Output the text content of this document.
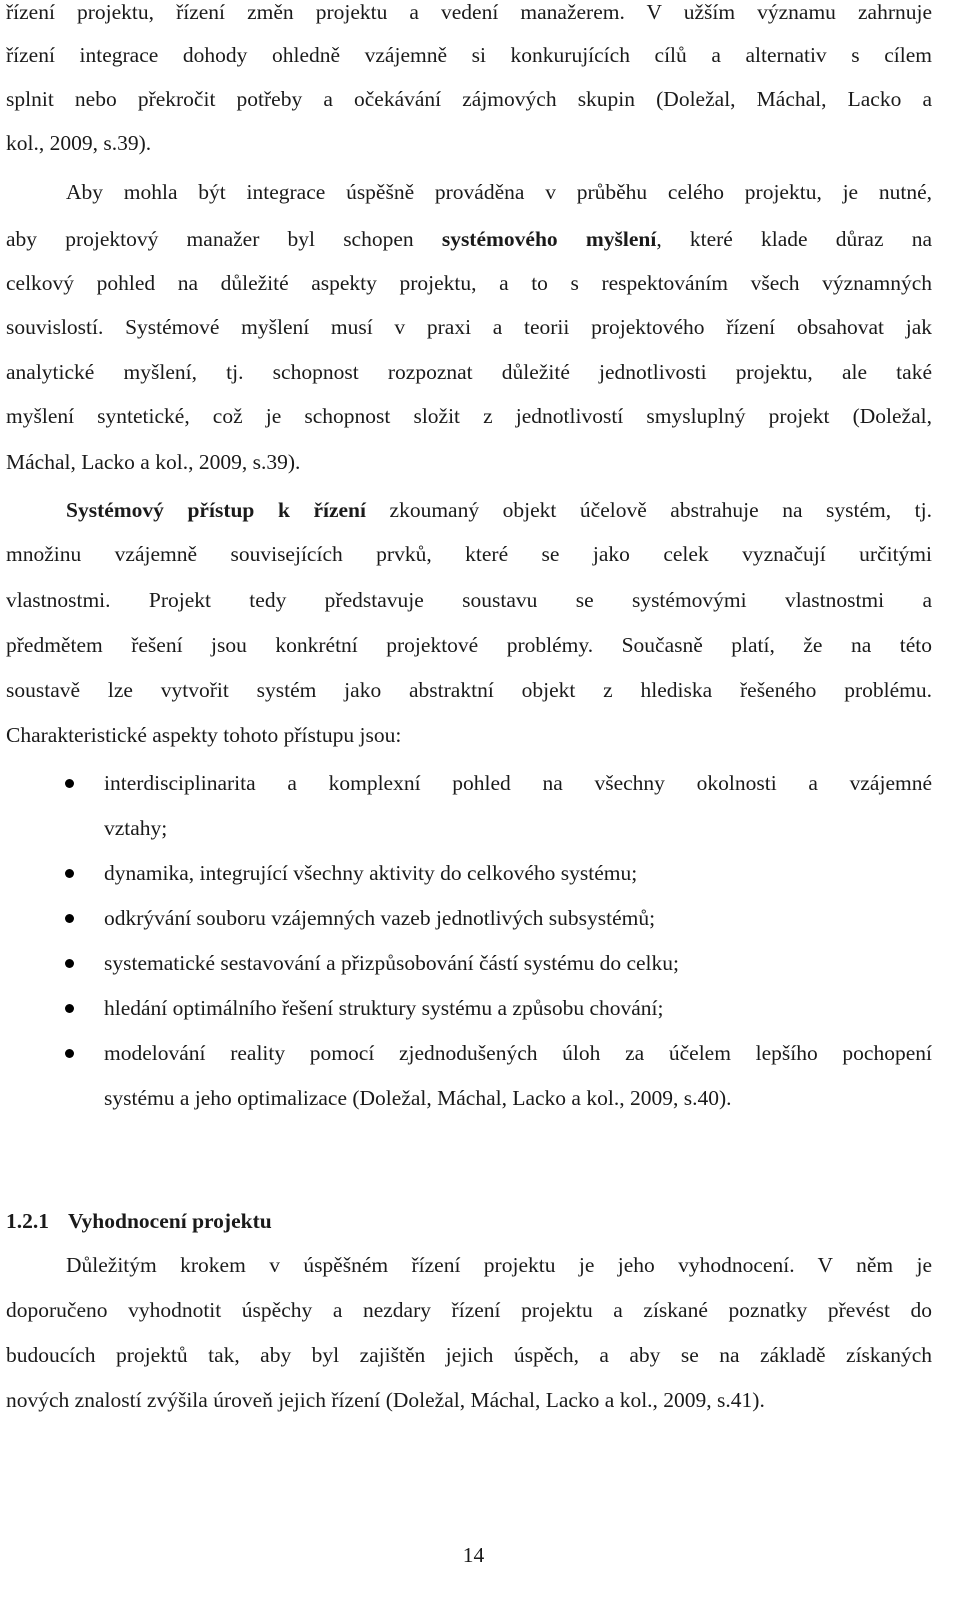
řízení projektu, řízení změn projektu a vedení manažerem. V užším významu zahrnuje
řízení integrace dohody ohledně vzájemně si konkurujících cílů a alternativ s cílem
splnit nebo překročit potřeby a očekávání zájmových skupin (Doležal, Máchal, Lacko a
kol., 2009, s.39).
Aby mohla být integrace úspěšně prováděna v průběhu celého projektu, je nutné,
aby projektový manažer byl schopen systémového myšlení, které klade důraz na
celkový pohled na důležité aspekty projektu, a to s respektováním všech významných
souvislostí. Systémové myšlení musí v praxi a teorii projektového řízení obsahovat jak
analytické myšlení, tj. schopnost rozpoznat důležité jednotlivosti projektu, ale také
myšlení syntetické, což je schopnost složit z jednotlivostí smysluplný projekt (Doležal,
Máchal, Lacko a kol., 2009, s.39).
Systémový přístup k řízení zkoumaný objekt účelově abstrahuje na systém, tj.
množinu vzájemně souvisejících prvků, které se jako celek vyznačují určitými
vlastnostmi. Projekt tedy představuje soustavu se systémovými vlastnostmi a
předmětem řešení jsou konkrétní projektové problémy. Současně platí, že na této
soustavě lze vytvořit systém jako abstraktní objekt z hlediska řešeného problému.
Charakteristické aspekty tohoto přístupu jsou:
interdisciplinarita a komplexní pohled na všechny okolnosti a vzájemné
vztahy;
dynamika, integrující všechny aktivity do celkového systému;
odkrývání souboru vzájemných vazeb jednotlivých subsystémů;
systematické sestavování a přizpůsobování částí systému do celku;
hledání optimálního řešení struktury systému a způsobu chování;
modelování reality pomocí zjednodušených úloh za účelem lepšího pochopení
systému a jeho optimalizace (Doležal, Máchal, Lacko a kol., 2009, s.40).
1.2.1 Vyhodnocení projektu
Důležitým krokem v úspěšném řízení projektu je jeho vyhodnocení. V něm je
doporučeno vyhodnotit úspěchy a nezdary řízení projektu a získané poznatky převést do
budoucích projektů tak, aby byl zajištěn jejich úspěch, a aby se na základě získaných
nových znalostí zvýšila úroveň jejich řízení (Doležal, Máchal, Lacko a kol., 2009, s.41).
14
